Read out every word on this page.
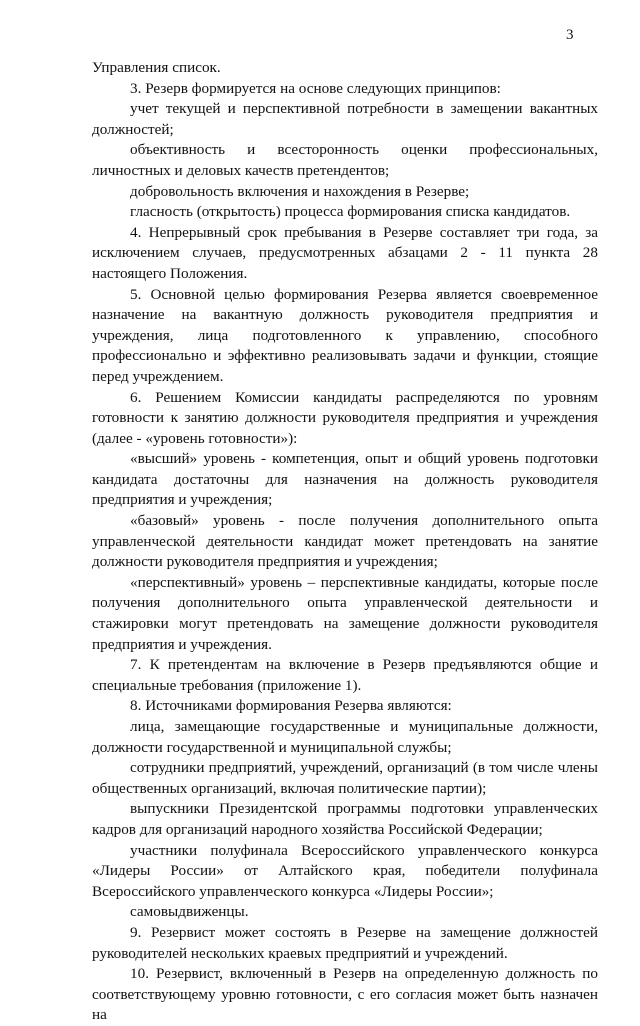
3

Управления список.

3. Резерв формируется на основе следующих принципов:

учет текущей и перспективной потребности в замещении вакантных должностей;

объективность и всесторонность оценки профессиональных, личностных и деловых качеств претендентов;

добровольность включения и нахождения в Резерве;

гласность (открытость) процесса формирования списка кандидатов.

4. Непрерывный срок пребывания в Резерве составляет три года, за исключением случаев, предусмотренных абзацами 2 - 11 пункта 28 настоящего Положения.

5. Основной целью формирования Резерва является своевременное назначение на вакантную должность руководителя предприятия и учреждения, лица подготовленного к управлению, способного профессионально и эффективно реализовывать задачи и функции, стоящие перед учреждением.

6. Решением Комиссии кандидаты распределяются по уровням готовности к занятию должности руководителя предприятия и учреждения (далее - «уровень готовности»):

«высший» уровень - компетенция, опыт и общий уровень подготовки кандидата достаточны для назначения на должность руководителя предприятия и учреждения;

«базовый» уровень - после получения дополнительного опыта управленческой деятельности кандидат может претендовать на занятие должности руководителя предприятия и учреждения;

«перспективный» уровень – перспективные кандидаты, которые после получения дополнительного опыта управленческой деятельности и стажировки могут претендовать на замещение должности руководителя предприятия и учреждения.

7. К претендентам на включение в Резерв предъявляются общие и специальные требования (приложение 1).

8. Источниками формирования Резерва являются:

лица, замещающие государственные и муниципальные должности, должности государственной и муниципальной службы;

сотрудники предприятий, учреждений, организаций (в том числе члены общественных организаций, включая политические партии);

выпускники Президентской программы подготовки управленческих кадров для организаций народного хозяйства Российской Федерации;

участники полуфинала Всероссийского управленческого конкурса «Лидеры России» от Алтайского края, победители полуфинала Всероссийского управленческого конкурса «Лидеры России»;

самовыдвиженцы.

9. Резервист может состоять в Резерве на замещение должностей руководителей нескольких краевых предприятий и учреждений.

10. Резервист, включенный в Резерв на определенную должность по соответствующему уровню готовности, с его согласия может быть назначен на
